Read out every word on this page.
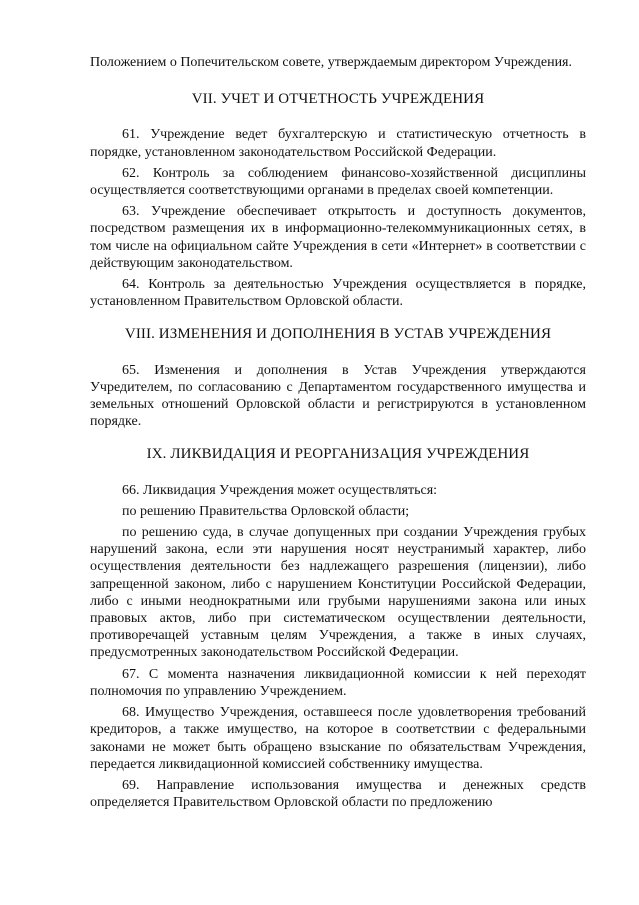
Положением о Попечительском совете, утверждаемым директором Учреждения.

VII. УЧЕТ И ОТЧЕТНОСТЬ УЧРЕЖДЕНИЯ

61. Учреждение ведет бухгалтерскую и статистическую отчетность в порядке, установленном законодательством Российской Федерации.

62. Контроль за соблюдением финансово-хозяйственной дисциплины осуществляется соответствующими органами в пределах своей компетенции.

63. Учреждение обеспечивает открытость и доступность документов, посредством размещения их в информационно-телекоммуникационных сетях, в том числе на официальном сайте Учреждения в сети «Интернет» в соответствии с действующим законодательством.

64. Контроль за деятельностью Учреждения осуществляется в порядке, установленном Правительством Орловской области.

VIII. ИЗМЕНЕНИЯ И ДОПОЛНЕНИЯ В УСТАВ УЧРЕЖДЕНИЯ

65. Изменения и дополнения в Устав Учреждения утверждаются Учредителем, по согласованию с Департаментом государственного имущества и земельных отношений Орловской области и регистрируются в установленном порядке.

IX. ЛИКВИДАЦИЯ И РЕОРГАНИЗАЦИЯ УЧРЕЖДЕНИЯ

66. Ликвидация Учреждения может осуществляться:

по решению Правительства Орловской области;

по решению суда, в случае допущенных при создании Учреждения грубых нарушений закона, если эти нарушения носят неустранимый характер, либо осуществления деятельности без надлежащего разрешения (лицензии), либо запрещенной законом, либо с нарушением Конституции Российской Федерации, либо с иными неоднократными или грубыми нарушениями закона или иных правовых актов, либо при систематическом осуществлении деятельности, противоречащей уставным целям Учреждения, а также в иных случаях, предусмотренных законодательством Российской Федерации.

67. С момента назначения ликвидационной комиссии к ней переходят полномочия по управлению Учреждением.

68. Имущество Учреждения, оставшееся после удовлетворения требований кредиторов, а также имущество, на которое в соответствии с федеральными законами не может быть обращено взыскание по обязательствам Учреждения, передается ликвидационной комиссией собственнику имущества.

69. Направление использования имущества и денежных средств определяется Правительством Орловской области по предложению
